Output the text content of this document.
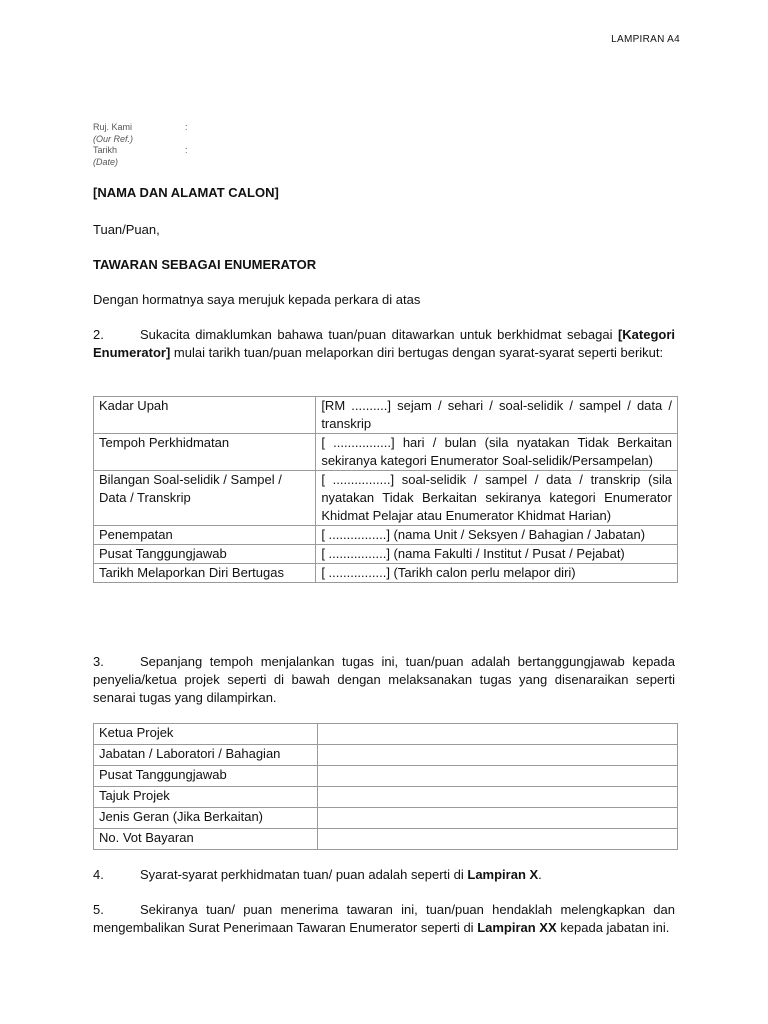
LAMPIRAN A4
Ruj. Kami	:
(Our Ref.)
Tarikh	:
(Date)
[NAMA DAN ALAMAT CALON]
Tuan/Puan,
TAWARAN SEBAGAI ENUMERATOR
Dengan hormatnya saya merujuk kepada perkara di atas
2.	Sukacita dimaklumkan bahawa tuan/puan ditawarkan untuk berkhidmat sebagai [Kategori Enumerator] mulai tarikh tuan/puan melaporkan diri bertugas dengan syarat-syarat seperti berikut:
Kadar Upah	[RM ..........] sejam / sehari / soal-selidik / sampel / data / transkrip
Tempoh Perkhidmatan	[ ................] hari / bulan (sila nyatakan Tidak Berkaitan sekiranya kategori Enumerator Soal-selidik/Persampelan)
Bilangan Soal-selidik / Sampel / Data / Transkrip	[ ................] soal-selidik / sampel / data / transkrip (sila nyatakan Tidak Berkaitan sekiranya kategori Enumerator Khidmat Pelajar atau Enumerator Khidmat Harian)
Penempatan	[ ................] (nama Unit / Seksyen / Bahagian / Jabatan)
Pusat Tanggungjawab	[ ................] (nama Fakulti / Institut / Pusat / Pejabat)
Tarikh Melaporkan Diri Bertugas	[ ................] (Tarikh calon perlu melapor diri)
3.	Sepanjang tempoh menjalankan tugas ini, tuan/puan adalah bertanggungjawab kepada penyelia/ketua projek seperti di bawah dengan melaksanakan tugas yang disenaraikan seperti senarai tugas yang dilampirkan.
Ketua Projek	
Jabatan / Laboratori / Bahagian	
Pusat Tanggungjawab	
Tajuk Projek	
Jenis Geran (Jika Berkaitan)	
No. Vot Bayaran	
4.	Syarat-syarat perkhidmatan tuan/ puan adalah seperti di Lampiran X.
5.	Sekiranya tuan/ puan menerima tawaran ini, tuan/puan hendaklah melengkapkan dan mengembalikan Surat Penerimaan Tawaran Enumerator seperti di Lampiran XX kepada jabatan ini.
